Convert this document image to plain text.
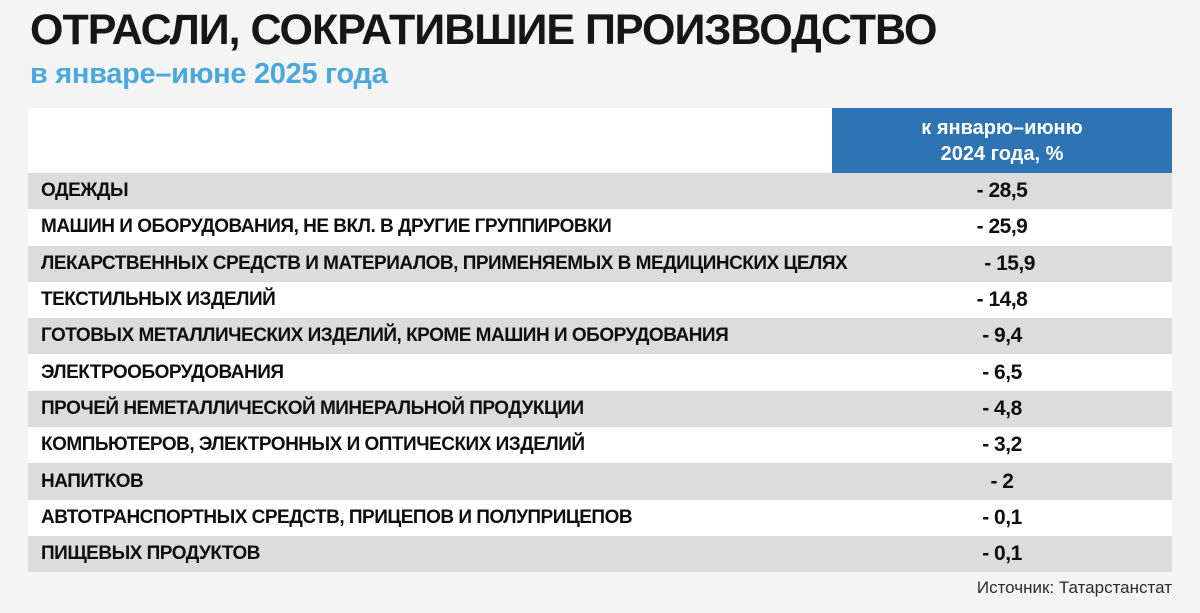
ОТРАСЛИ, СОКРАТИВШИЕ ПРОИЗВОДСТВО
в январе–июне 2025 года
к январю–июню
2024 года, %
ОДЕЖДЫ	- 28,5
МАШИН И ОБОРУДОВАНИЯ, НЕ ВКЛ. В ДРУГИЕ ГРУППИРОВКИ	- 25,9
ЛЕКАРСТВЕННЫХ СРЕДСТВ И МАТЕРИАЛОВ, ПРИМЕНЯЕМЫХ В МЕДИЦИНСКИХ ЦЕЛЯХ	- 15,9
ТЕКСТИЛЬНЫХ ИЗДЕЛИЙ	- 14,8
ГОТОВЫХ МЕТАЛЛИЧЕСКИХ ИЗДЕЛИЙ, КРОМЕ МАШИН И ОБОРУДОВАНИЯ	- 9,4
ЭЛЕКТРООБОРУДОВАНИЯ	- 6,5
ПРОЧЕЙ НЕМЕТАЛЛИЧЕСКОЙ МИНЕРАЛЬНОЙ ПРОДУКЦИИ	- 4,8
КОМПЬЮТЕРОВ, ЭЛЕКТРОННЫХ И ОПТИЧЕСКИХ ИЗДЕЛИЙ	- 3,2
НАПИТКОВ	- 2
АВТОТРАНСПОРТНЫХ СРЕДСТВ, ПРИЦЕПОВ И ПОЛУПРИЦЕПОВ	- 0,1
ПИЩЕВЫХ ПРОДУКТОВ	- 0,1
Источник: Татарстанстат
